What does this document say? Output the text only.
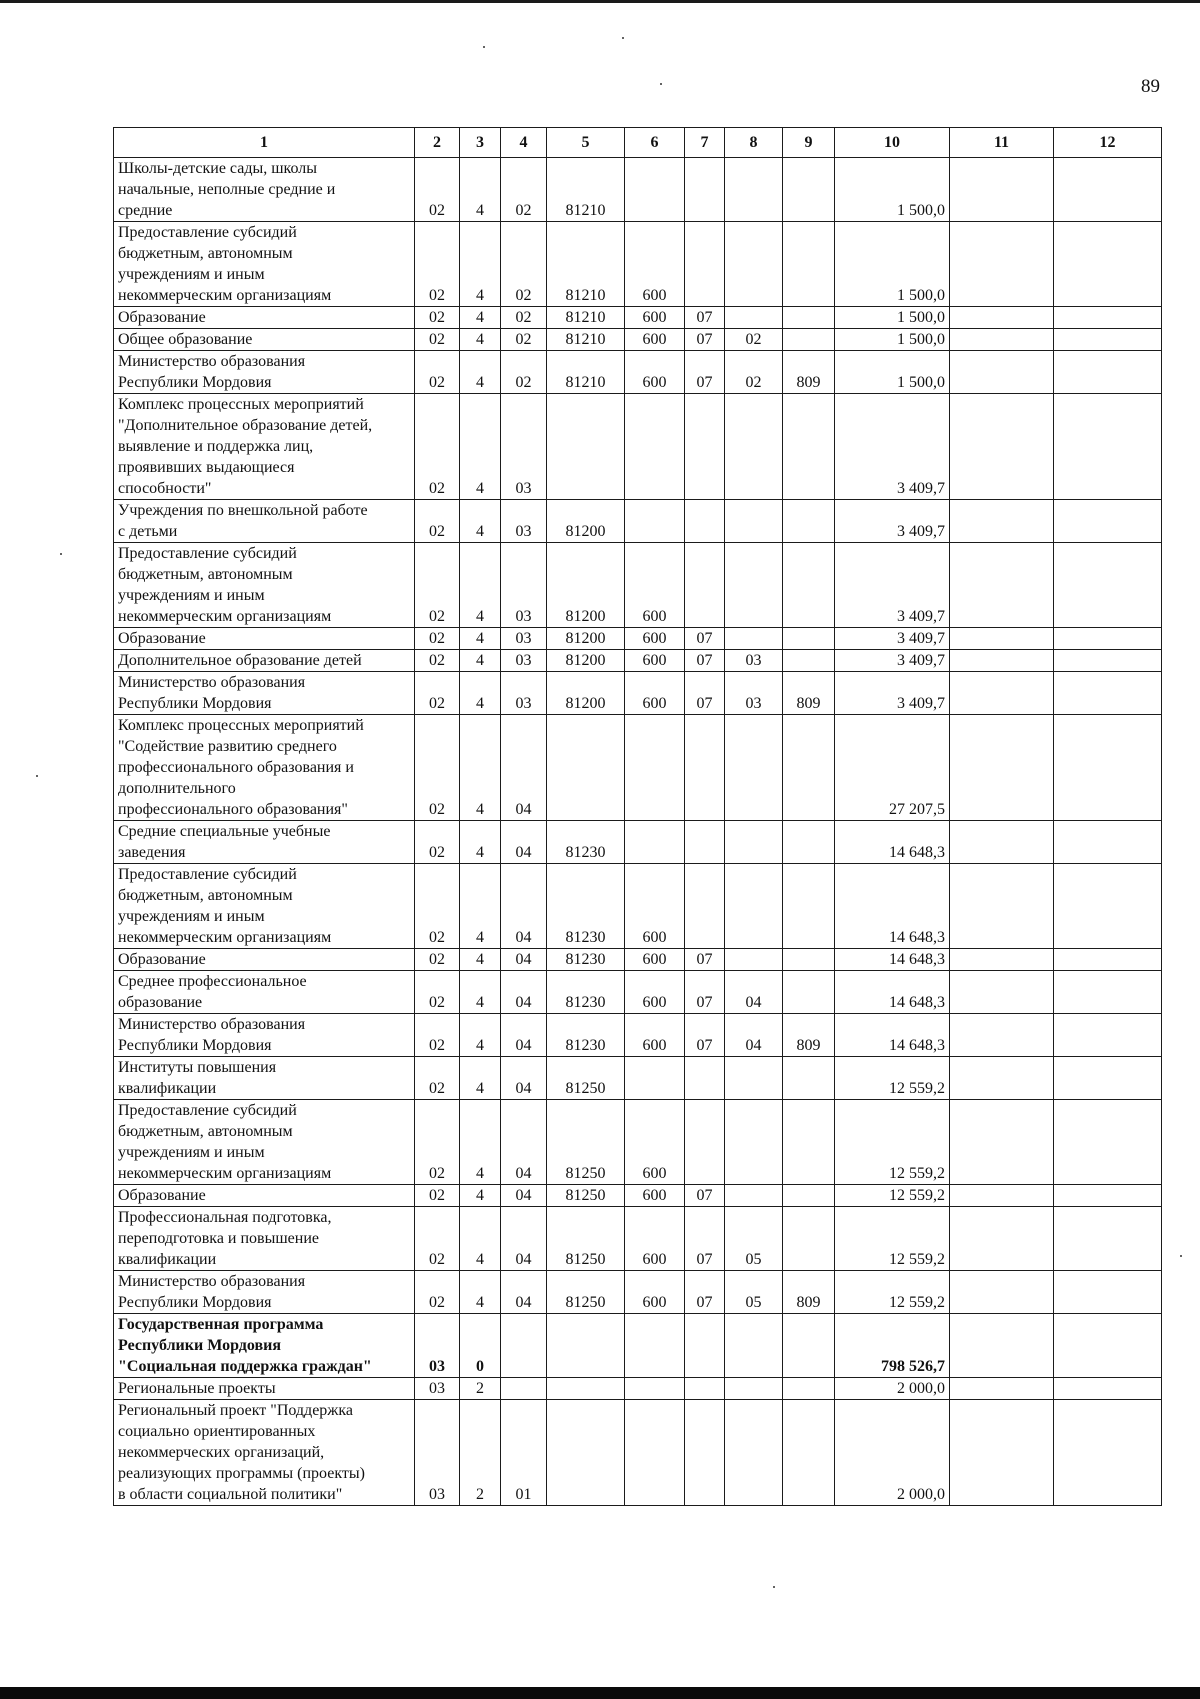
89
1	2	3	4	5	6	7	8	9	10	11	12

Школы-детские сады, школы
начальные, неполные средние и
средние	02	4	02	81210					1 500,0		

Предоставление субсидий
бюджетным, автономным
учреждениям и иным
некоммерческим организациям	02	4	02	81210	600				1 500,0		

Образование	02	4	02	81210	600	07			1 500,0		

Общее образование	02	4	02	81210	600	07	02		1 500,0		

Министерство образования
Республики Мордовия	02	4	02	81210	600	07	02	809	1 500,0		

Комплекс процессных мероприятий
"Дополнительное образование детей,
выявление и поддержка лиц,
проявивших выдающиеся
способности"	02	4	03						3 409,7		

Учреждения по внешкольной работе
с детьми	02	4	03	81200					3 409,7		

Предоставление субсидий
бюджетным, автономным
учреждениям и иным
некоммерческим организациям	02	4	03	81200	600				3 409,7		

Образование	02	4	03	81200	600	07			3 409,7		

Дополнительное образование детей	02	4	03	81200	600	07	03		3 409,7		

Министерство образования
Республики Мордовия	02	4	03	81200	600	07	03	809	3 409,7		

Комплекс процессных мероприятий
"Содействие развитию среднего
профессионального образования и
дополнительного
профессионального образования"	02	4	04						27 207,5		

Средние специальные учебные
заведения	02	4	04	81230					14 648,3		

Предоставление субсидий
бюджетным, автономным
учреждениям и иным
некоммерческим организациям	02	4	04	81230	600				14 648,3		

Образование	02	4	04	81230	600	07			14 648,3		

Среднее профессиональное
образование	02	4	04	81230	600	07	04		14 648,3		

Министерство образования
Республики Мордовия	02	4	04	81230	600	07	04	809	14 648,3		

Институты повышения
квалификации	02	4	04	81250					12 559,2		

Предоставление субсидий
бюджетным, автономным
учреждениям и иным
некоммерческим организациям	02	4	04	81250	600				12 559,2		

Образование	02	4	04	81250	600	07			12 559,2		

Профессиональная подготовка,
переподготовка и повышение
квалификации	02	4	04	81250	600	07	05		12 559,2		

Министерство образования
Республики Мордовия	02	4	04	81250	600	07	05	809	12 559,2		

Государственная программа
Республики Мордовия
"Социальная поддержка граждан"	03	0							798 526,7		

Региональные проекты	03	2							2 000,0		

Региональный проект "Поддержка
социально ориентированных
некоммерческих организаций,
реализующих программы (проекты)
в области социальной политики"	03	2	01						2 000,0		
